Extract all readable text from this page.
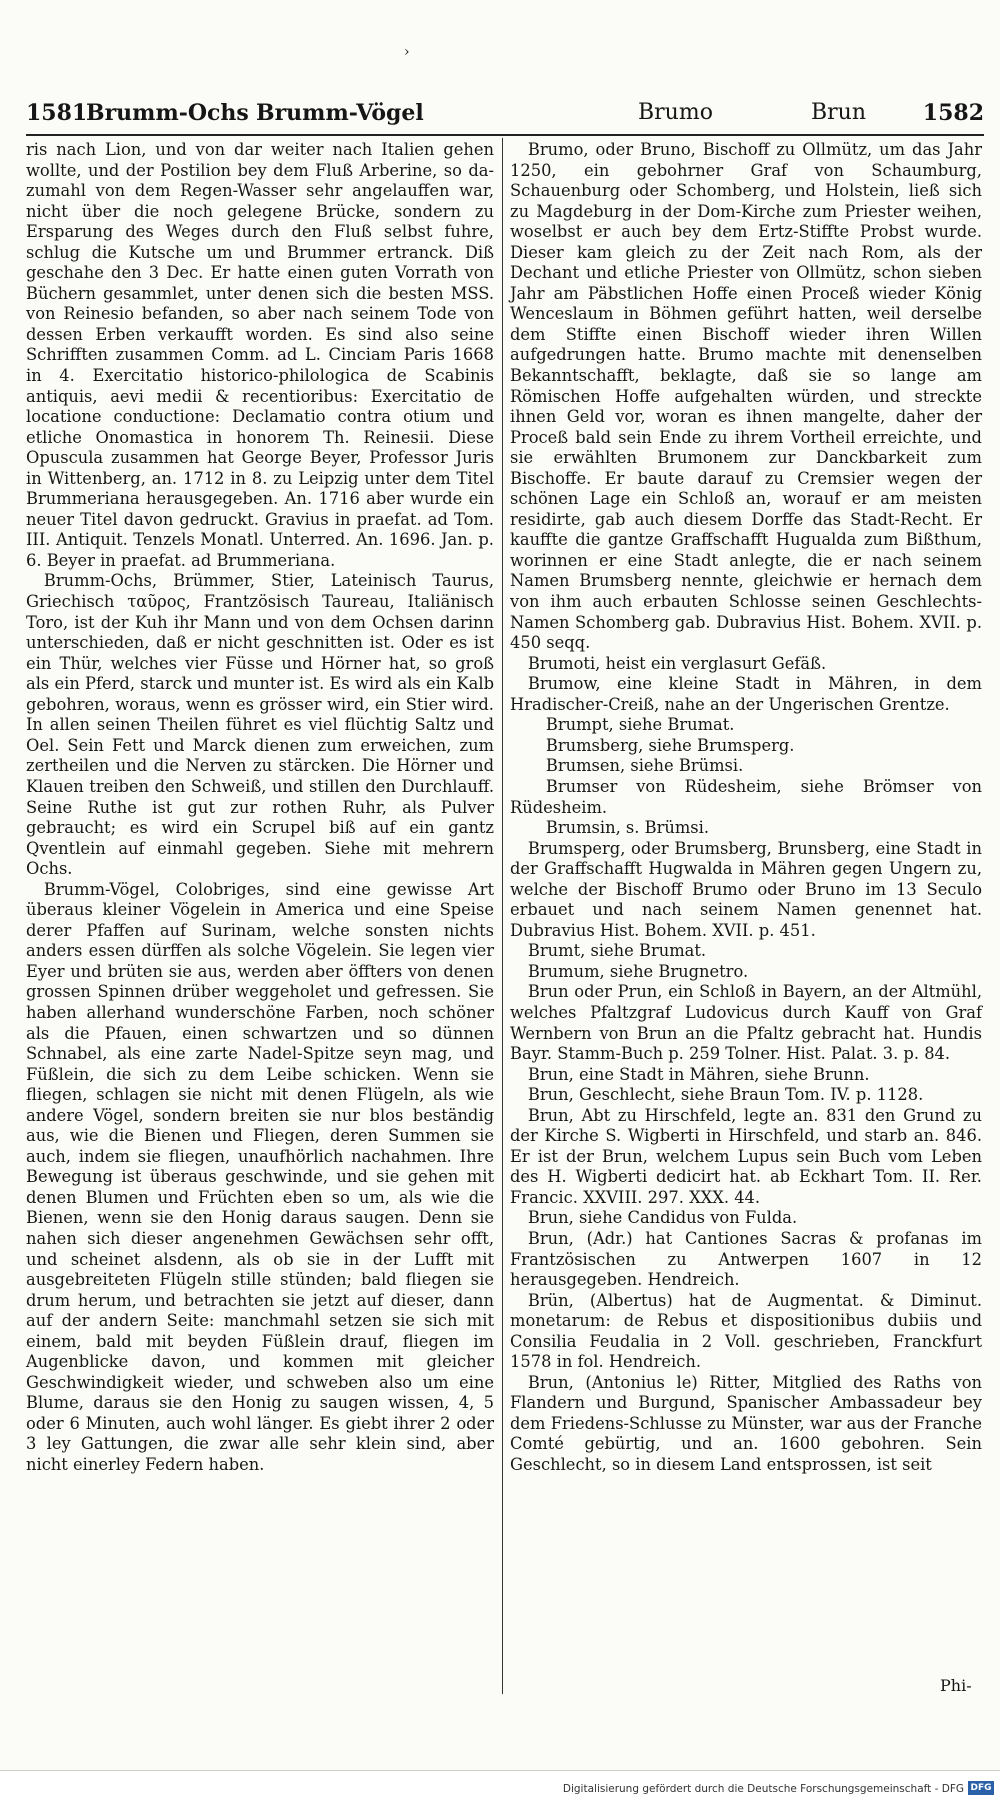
›
1581
Brumm-Ochs Brumm-Vögel	Brumo	Brun	1582

ris nach Lion, und von dar weiter nach Italien gehen wollte, und der Postilion bey dem Fluß Arberine, so da-zumahl von dem Regen-Wasser sehr angelauffen war, nicht über die noch gelegene Brücke, sondern zu Ersparung des Weges durch den Fluß selbst fuhre, schlug die Kutsche um und Brummer ertranck. Diß geschahe den 3 Dec. Er hatte einen guten Vorrath von Büchern gesammlet, unter denen sich die besten MSS. von Reinesio befanden, so aber nach seinem Tode von dessen Erben verkaufft worden. Es sind also seine Schrifften zusammen Comm. ad L. Cinciam Paris 1668 in 4. Exercitatio historico-philologica de Scabinis antiquis, aevi medii & recentioribus: Exercitatio de locatione conductione: Declamatio contra otium und etliche Onomastica in honorem Th. Reinesii. Diese Opuscula zusammen hat George Beyer, Professor Juris in Wittenberg, an. 1712 in 8. zu Leipzig unter dem Titel Brummeriana herausgegeben. An. 1716 aber wurde ein neuer Titel davon gedruckt. Gravius in praefat. ad Tom. III. Antiquit. Tenzels Monatl. Unterred. An. 1696. Jan. p. 6. Beyer in praefat. ad Brummeriana.

Brumm-Ochs, Brümmer, Stier, Lateinisch Taurus, Griechisch ταῦρος, Frantzösisch Taureau, Italiänisch Toro, ist der Kuh ihr Mann und von dem Ochsen darinn unterschieden, daß er nicht geschnitten ist. Oder es ist ein Thür, welches vier Füsse und Hörner hat, so groß als ein Pferd, starck und munter ist. Es wird als ein Kalb gebohren, woraus, wenn es grösser wird, ein Stier wird. In allen seinen Theilen führet es viel flüchtig Saltz und Oel. Sein Fett und Marck dienen zum erweichen, zum zertheilen und die Nerven zu stärcken. Die Hörner und Klauen treiben den Schweiß, und stillen den Durchlauff. Seine Ruthe ist gut zur rothen Ruhr, als Pulver gebraucht; es wird ein Scrupel biß auf ein gantz Qventlein auf einmahl gegeben. Siehe mit mehrern Ochs.

Brumm-Vögel, Colobriges, sind eine gewisse Art überaus kleiner Vögelein in America und eine Speise derer Pfaffen auf Surinam, welche sonsten nichts anders essen dürffen als solche Vögelein. Sie legen vier Eyer und brüten sie aus, werden aber öffters von denen grossen Spinnen drüber weggeholet und gefressen. Sie haben allerhand wunderschöne Farben, noch schöner als die Pfauen, einen schwartzen und so dünnen Schnabel, als eine zarte Nadel-Spitze seyn mag, und Füßlein, die sich zu dem Leibe schicken. Wenn sie fliegen, schlagen sie nicht mit denen Flügeln, als wie andere Vögel, sondern breiten sie nur blos beständig aus, wie die Bienen und Fliegen, deren Summen sie auch, indem sie fliegen, unaufhörlich nachahmen. Ihre Bewegung ist überaus geschwinde, und sie gehen mit denen Blumen und Früchten eben so um, als wie die Bienen, wenn sie den Honig daraus saugen. Denn sie nahen sich dieser angenehmen Gewächsen sehr offt, und scheinet alsdenn, als ob sie in der Lufft mit ausgebreiteten Flügeln stille stünden; bald fliegen sie drum herum, und betrachten sie jetzt auf dieser, dann auf der andern Seite: manchmahl setzen sie sich mit einem, bald mit beyden Füßlein drauf, fliegen im Augenblicke davon, und kommen mit gleicher Geschwindigkeit wieder, und schweben also um eine Blume, daraus sie den Honig zu saugen wissen, 4, 5 oder 6 Minuten, auch wohl länger. Es giebt ihrer 2 oder 3 ley Gattungen, die zwar alle sehr klein sind, aber nicht einerley Federn haben.

Brumo, oder Bruno, Bischoff zu Ollmütz, um das Jahr 1250, ein gebohrner Graf von Schaumburg, Schauenburg oder Schomberg, und Holstein, ließ sich zu Magdeburg in der Dom-Kirche zum Priester weihen, woselbst er auch bey dem Ertz-Stiffte Probst wurde. Dieser kam gleich zu der Zeit nach Rom, als der Dechant und etliche Priester von Ollmütz, schon sieben Jahr am Päbstlichen Hoffe einen Proceß wieder König Wenceslaum in Böhmen geführt hatten, weil derselbe dem Stiffte einen Bischoff wieder ihren Willen aufgedrungen hatte. Brumo machte mit denenselben Bekanntschafft, beklagte, daß sie so lange am Römischen Hoffe aufgehalten würden, und streckte ihnen Geld vor, woran es ihnen mangelte, daher der Proceß bald sein Ende zu ihrem Vortheil erreichte, und sie erwählten Brumonem zur Danckbarkeit zum Bischoffe. Er baute darauf zu Cremsier wegen der schönen Lage ein Schloß an, worauf er am meisten residirte, gab auch diesem Dorffe das Stadt-Recht. Er kauffte die gantze Graffschafft Hugualda zum Bißthum, worinnen er eine Stadt anlegte, die er nach seinem Namen Brumsberg nennte, gleichwie er hernach dem von ihm auch erbauten Schlosse seinen Geschlechts-Namen Schomberg gab. Dubravius Hist. Bohem. XVII. p. 450 seqq.

Brumoti, heist ein verglasurt Gefäß.

Brumow, eine kleine Stadt in Mähren, in dem Hradischer-Creiß, nahe an der Ungerischen Grentze.

Brumpt, siehe Brumat.

Brumsberg, siehe Brumsperg.

Brumsen, siehe Brümsi.

Brumser von Rüdesheim, siehe Brömser von Rüdesheim.

Brumsin, s. Brümsi.

Brumsperg, oder Brumsberg, Brunsberg, eine Stadt in der Graffschafft Hugwalda in Mähren gegen Ungern zu, welche der Bischoff Brumo oder Bruno im 13 Seculo erbauet und nach seinem Namen genennet hat. Dubravius Hist. Bohem. XVII. p. 451.

Brumt, siehe Brumat.

Brumum, siehe Brugnetro.

Brun oder Prun, ein Schloß in Bayern, an der Altmühl, welches Pfaltzgraf Ludovicus durch Kauff von Graf Wernbern von Brun an die Pfaltz gebracht hat. Hundis Bayr. Stamm-Buch p. 259 Tolner. Hist. Palat. 3. p. 84.

Brun, eine Stadt in Mähren, siehe Brunn.

Brun, Geschlecht, siehe Braun Tom. IV. p. 1128.

Brun, Abt zu Hirschfeld, legte an. 831 den Grund zu der Kirche S. Wigberti in Hirschfeld, und starb an. 846. Er ist der Brun, welchem Lupus sein Buch vom Leben des H. Wigberti dedicirt hat. ab Eckhart Tom. II. Rer. Francic. XXVIII. 297. XXX. 44.

Brun, siehe Candidus von Fulda.

Brun, (Adr.) hat Cantiones Sacras & profanas im Frantzösischen zu Antwerpen 1607 in 12 herausgegeben. Hendreich.

Brün, (Albertus) hat de Augmentat. & Diminut. monetarum: de Rebus et dispositionibus dubiis und Consilia Feudalia in 2 Voll. geschrieben, Franckfurt 1578 in fol. Hendreich.

Brun, (Antonius le) Ritter, Mitglied des Raths von Flandern und Burgund, Spanischer Ambassadeur bey dem Friedens-Schlusse zu Münster, war aus der Franche Comté gebürtig, und an. 1600 gebohren. Sein Geschlecht, so in diesem Land entsprossen, ist seit

Phi-
Digitalisierung gefördert durch die Deutsche Forschungsgemeinschaft - DFG DFG
